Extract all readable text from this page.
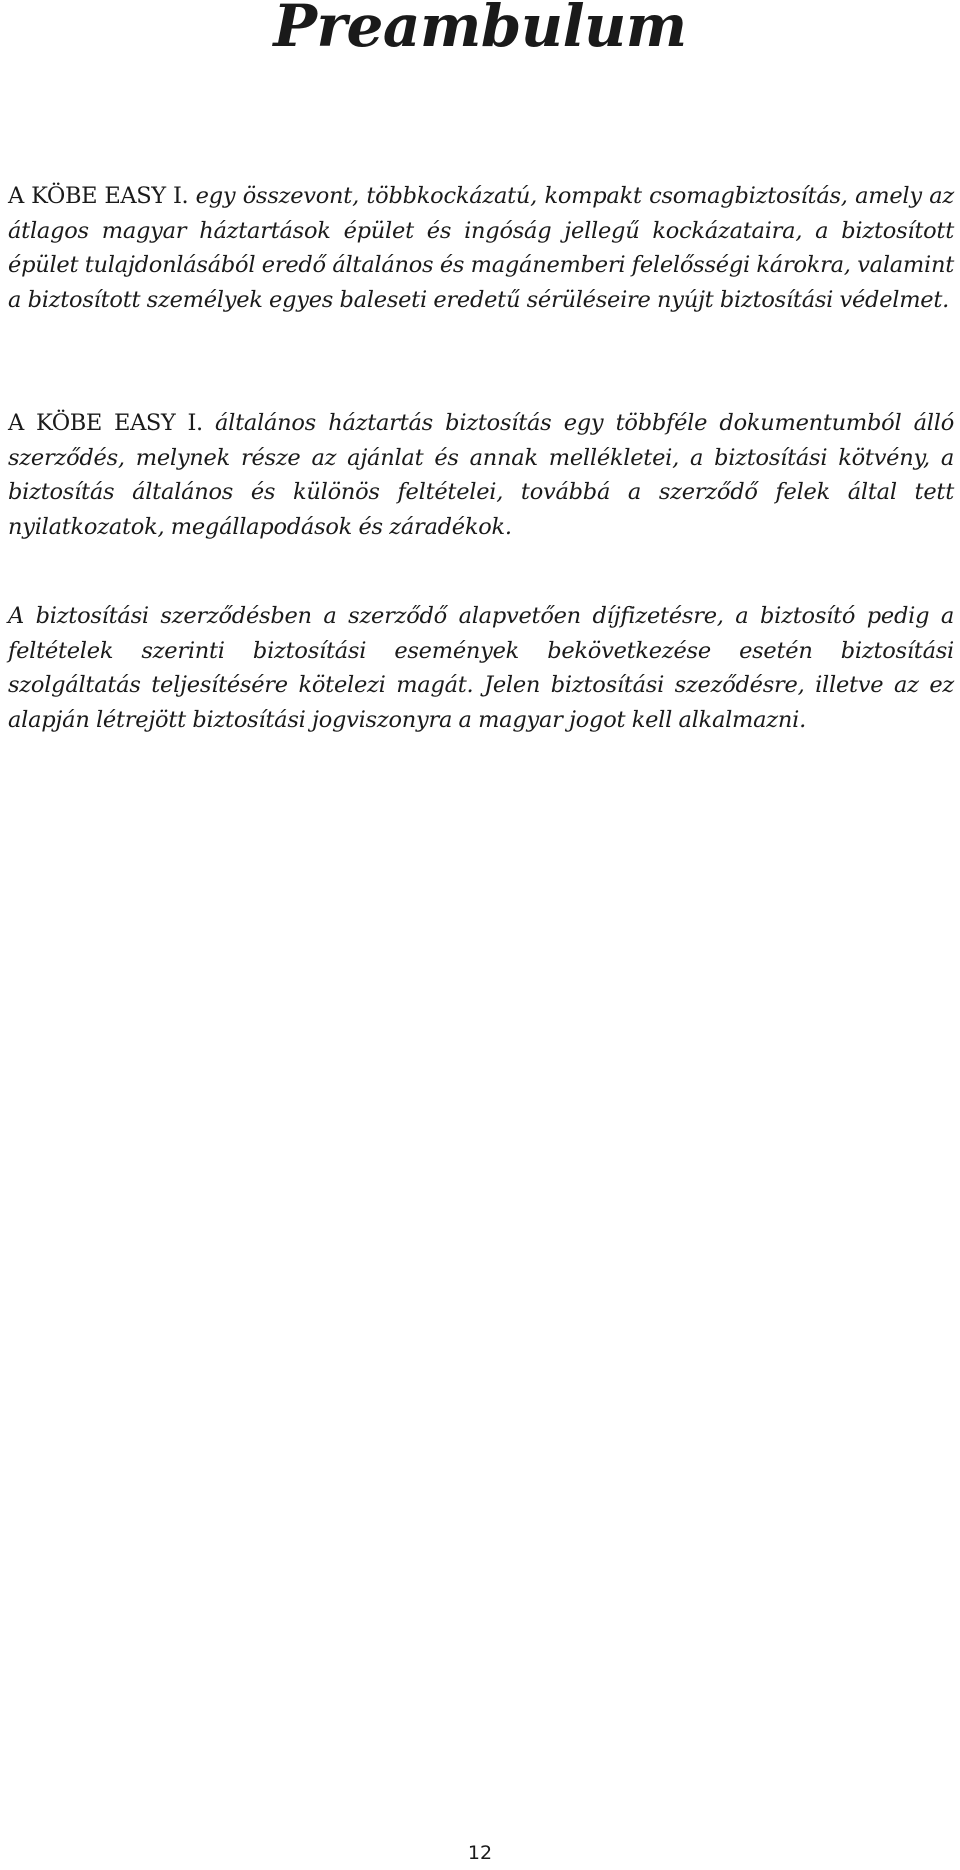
Preambulum

A KÖBE EASY I. egy összevont, többkockázatú, kompakt csomagbiztosítás, amely az átlagos magyar háztartások épület és ingóság jellegű kockázataira, a biztosított épület tulajdonlásából eredő általános és magánemberi felelősségi károkra, valamint a biztosított személyek egyes baleseti eredetű sérüléseire nyújt biztosítási védelmet.

A KÖBE EASY I. általános háztartás biztosítás egy többféle dokumentumból álló szerződés, melynek része az ajánlat és annak mellékletei, a biztosítási kötvény, a biztosítás általános és különös feltételei, továbbá a szerződő felek által tett nyilatkozatok, megállapodások és záradékok.

A biztosítási szerződésben a szerződő alapvetően díjfizetésre, a biztosító pedig a feltételek szerinti biztosítási események bekövetkezése esetén biztosítási szolgáltatás teljesítésére kötelezi magát. Jelen biztosítási szeződésre, illetve az ez alapján létrejött biztosítási jogviszonyra a magyar jogot kell alkalmazni.

12
